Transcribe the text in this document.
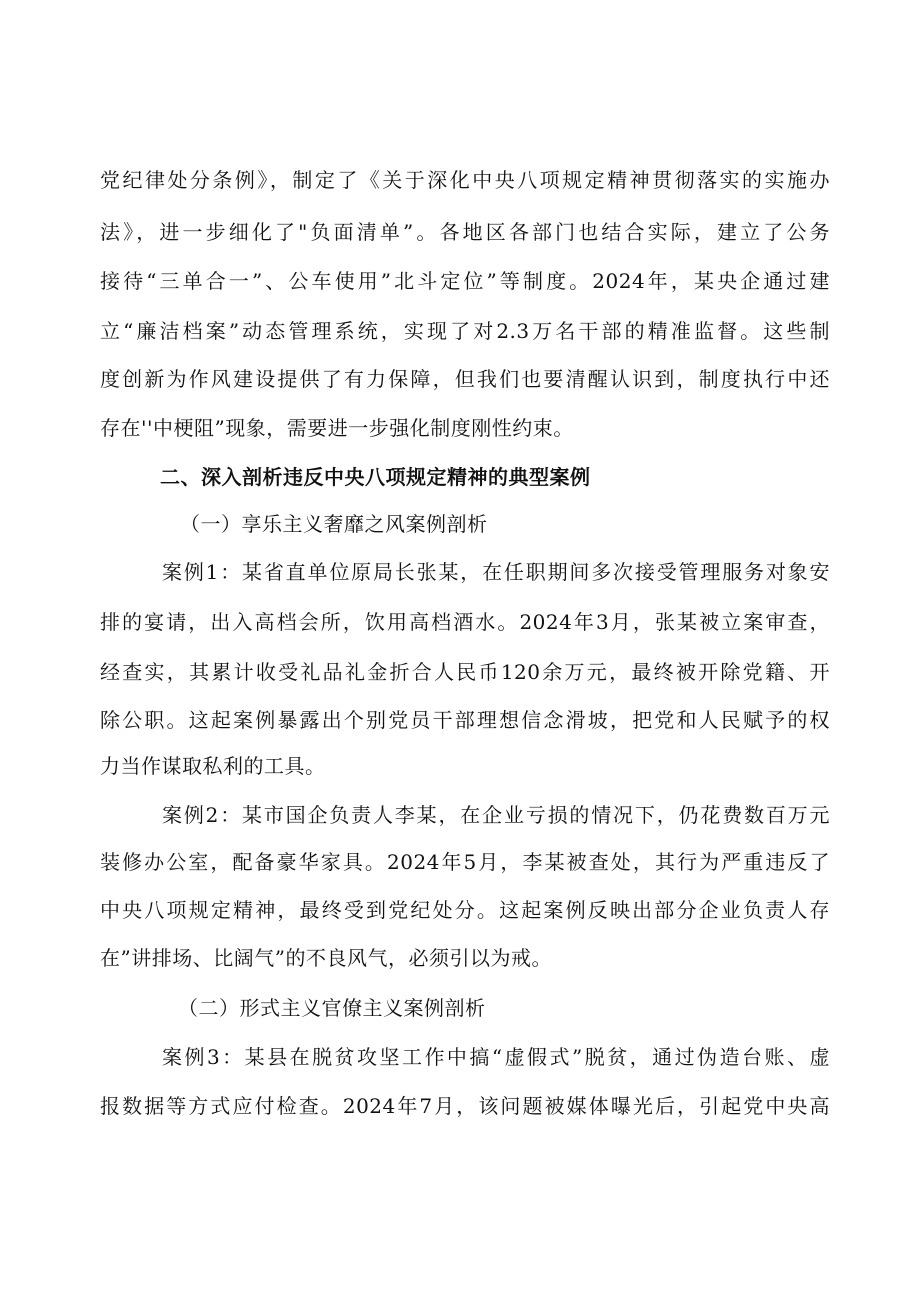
党纪律处分条例》，制定了《关于深化中央八项规定精神贯彻落实的实施办
法》，进一步细化了"负面清单”。各地区各部门也结合实际，建立了公务
接待“三单合一”、公车使用”北斗定位”等制度。2024年，某央企通过建
立“廉洁档案”动态管理系统，实现了对2.3万名干部的精准监督。这些制
度创新为作风建设提供了有力保障，但我们也要清醒认识到，制度执行中还
存在''中梗阻”现象，需要进一步强化制度刚性约束。
二、深入剖析违反中央八项规定精神的典型案例
（一）享乐主义奢靡之风案例剖析
案例1：某省直单位原局长张某，在任职期间多次接受管理服务对象安
排的宴请，出入高档会所，饮用高档酒水。2024年3月，张某被立案审查，
经查实，其累计收受礼品礼金折合人民币120余万元，最终被开除党籍、开
除公职。这起案例暴露出个别党员干部理想信念滑坡，把党和人民赋予的权
力当作谋取私利的工具。
案例2：某市国企负责人李某，在企业亏损的情况下，仍花费数百万元
装修办公室，配备豪华家具。2024年5月，李某被查处，其行为严重违反了
中央八项规定精神，最终受到党纪处分。这起案例反映出部分企业负责人存
在”讲排场、比阔气”的不良风气，必须引以为戒。
（二）形式主义官僚主义案例剖析
案例3：某县在脱贫攻坚工作中搞“虚假式”脱贫，通过伪造台账、虚
报数据等方式应付检查。2024年7月，该问题被媒体曝光后，引起党中央高
